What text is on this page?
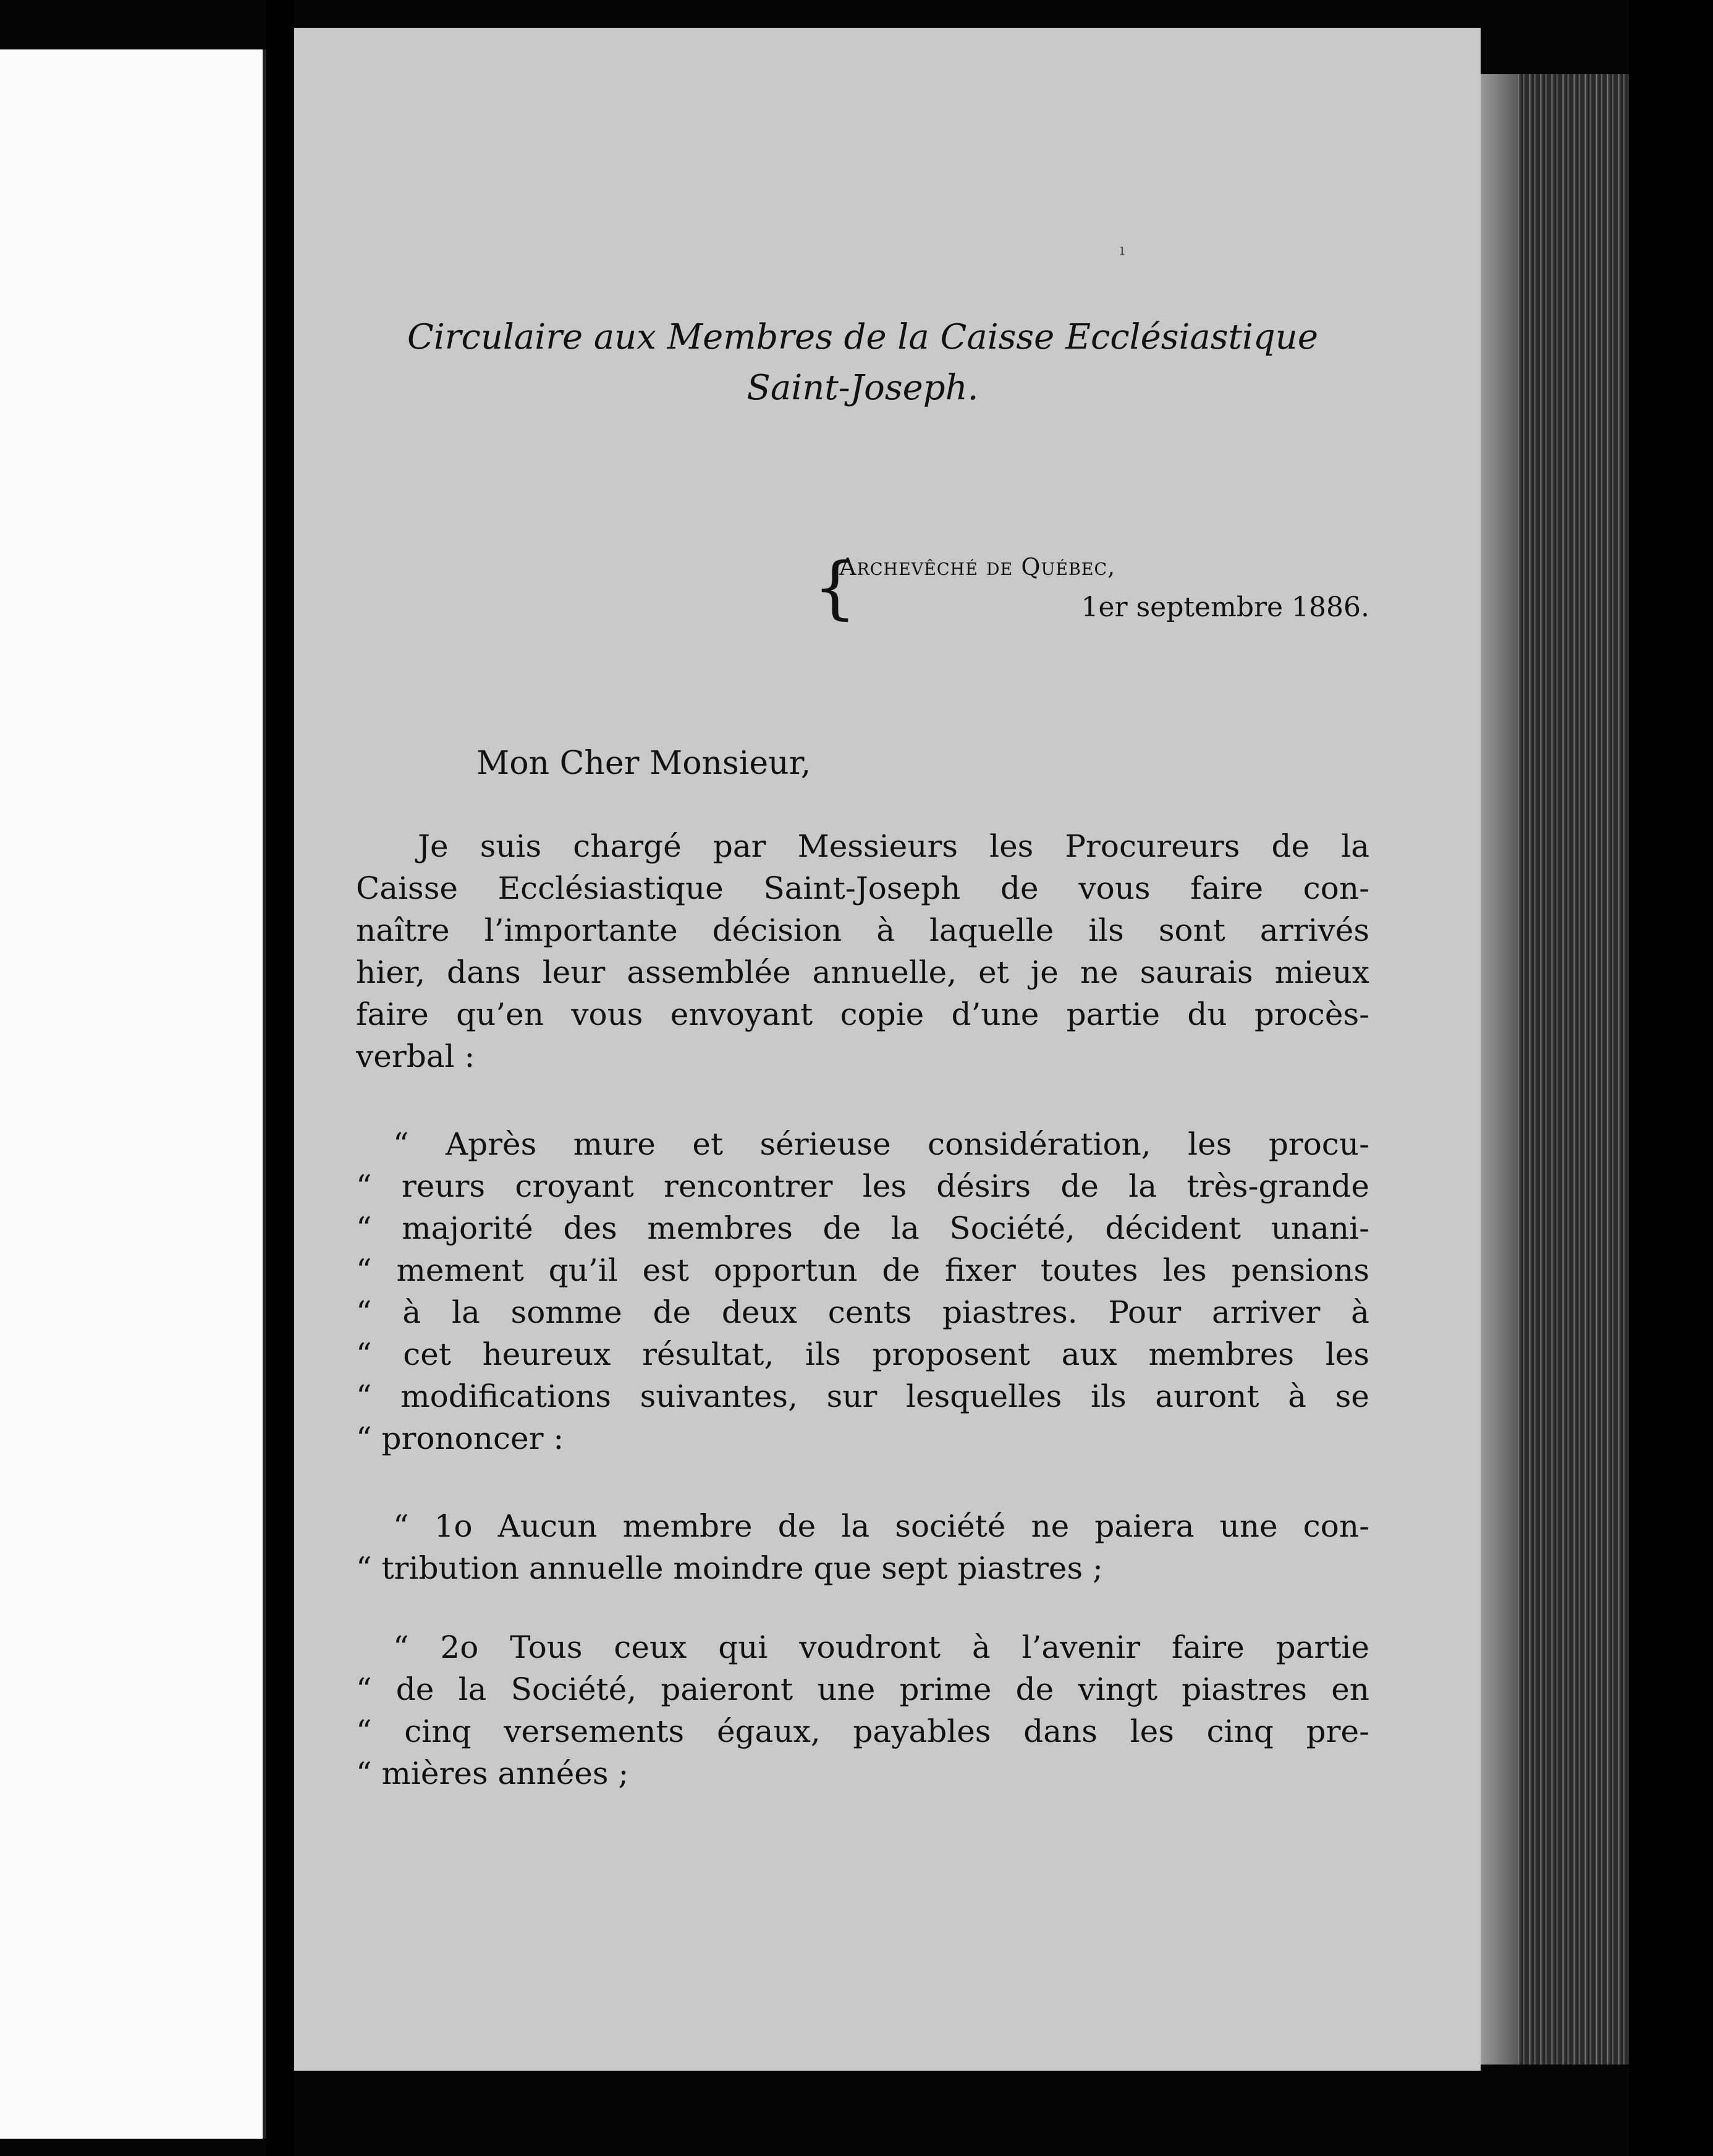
ı
Circulaire aux Membres de la Caisse Ecclésiastique
Saint-Joseph.
{
Archevêché de Québec,
1er septembre 1886.

Mon Cher Monsieur,

Je suis chargé par Messieurs les Procureurs de la
Caisse Ecclésiastique Saint-Joseph de vous faire con-
naître l’importante décision à laquelle ils sont arrivés
hier, dans leur assemblée annuelle, et je ne saurais mieux
faire qu’en vous envoyant copie d’une partie du procès-
verbal :
“ Après mure et sérieuse considération, les procu-
“ reurs croyant rencontrer les désirs de la très-grande
“ majorité des membres de la Société, décident unani-
“ mement qu’il est opportun de fixer toutes les pensions
“ à la somme de deux cents piastres. Pour arriver à
“ cet heureux résultat, ils proposent aux membres les
“ modifications suivantes, sur lesquelles ils auront à se
“ prononcer :
“ 1o Aucun membre de la société ne paiera une con-
“ tribution annuelle moindre que sept piastres ;
“ 2o Tous ceux qui voudront à l’avenir faire partie
“ de la Société, paieront une prime de vingt piastres en
“ cinq versements égaux, payables dans les cinq pre-
“ mières années ;
